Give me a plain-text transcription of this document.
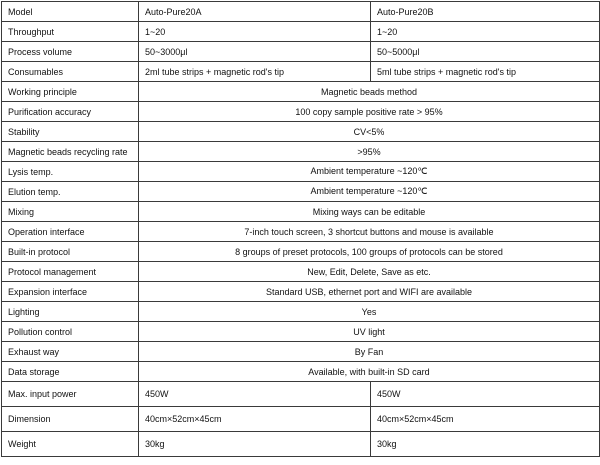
Model	Auto-Pure20A	Auto-Pure20B
Throughput	1~20	1~20
Process volume	50~3000μl	50~5000μl
Consumables	2ml tube strips + magnetic rod's tip	5ml tube strips + magnetic rod's tip
Working principle	Magnetic beads method	
Purification accuracy	100 copy sample positive rate > 95%	
Stability	CV<5%	
Magnetic beads recycling rate	>95%	
Lysis temp.	Ambient temperature ~120℃	
Elution temp.	Ambient temperature ~120℃	
Mixing	Mixing ways can be editable	
Operation interface	7-inch touch screen, 3 shortcut buttons and mouse is available	
Built-in protocol	8 groups of preset protocols, 100 groups of protocols can be stored	
Protocol management	New, Edit, Delete, Save as etc.	
Expansion interface	Standard USB, ethernet port and WIFI are available	
Lighting	Yes	
Pollution control	UV light	
Exhaust way	By Fan	
Data storage	Available, with built-in SD card	
Max. input power	450W	450W
Dimension	40cm×52cm×45cm	40cm×52cm×45cm
Weight	30kg	30kg
